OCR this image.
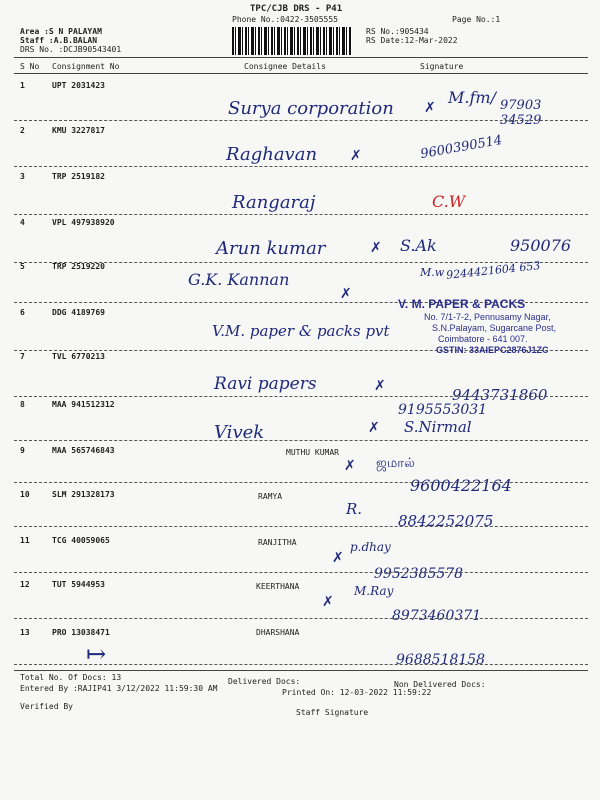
TPC/CJB DRS - P41
Phone No.:0422-3505555	Page No.:1
Area :S N PALAYAM
Staff :A.B.BALAN
DRS No. :DCJB90543401
RS No.:905434
RS Date:12-Mar-2022
S No Consignment No	Consignee Details	Signature
1	UPT 2031423
Surya corporation
M.fm/ 97903 34529
✗
2	KMU 3227817
Raghavan	9600390514
✗
3	TRP 2519182
Rangaraj	C.W
4	VPL 497938920
Arun kumar	S.Ak	950076
✗
5	TRP 2519220
G.K. Kannan	M.w 9244421604 653
✗
6	DDG 4189769
V.M. paper & packs pvt
V. M. PAPER & PACKS
No. 7/1-7-2, Pennusamy Nagar,
S.N.Palayam, Sugarcane Post,
Coimbatore - 641 007.
GSTIN: 33AIEPC2876J1ZC
7	TVL 6770213
Ravi papers
9443731860
✗
8	MAA 941512312
Vivek
9195553031
S.Nirmal
✗
9	MAA 565746843	MUTHU KUMAR
ஜமால்
9600422164
✗
10	SLM 291328173	RAMYA
R.
8842252075
11	TCG 40059065	RANJITHA	p.dhay
9952385578
✗
12	TUT 5944953	KEERTHANA	M.Ray
8973460371
✗
13	PRO 13038471	DHARSHANA
9688518158
↦
Total No. Of Docs: 13	Delivered Docs:	Non Delivered Docs:
Entered By :RAJIP41 3/12/2022 11:59:30 AM	Printed On: 12-03-2022 11:59:22
Verified By
Staff Signature
